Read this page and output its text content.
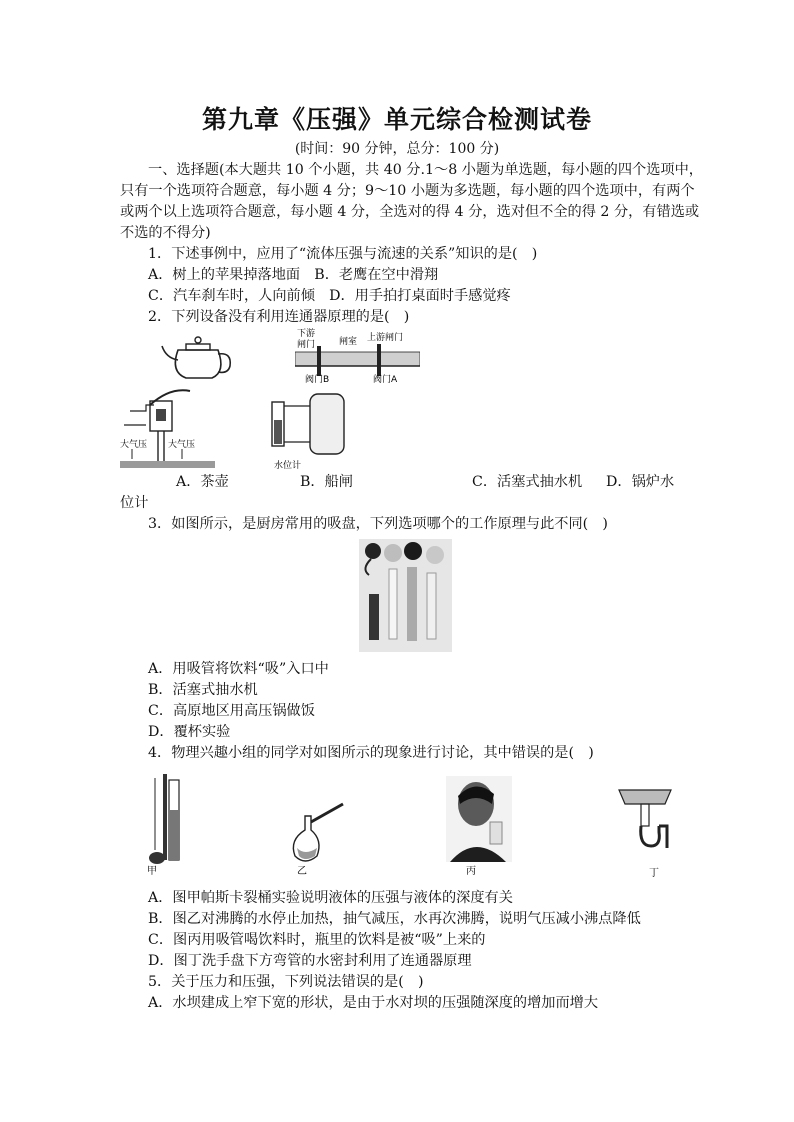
第九章《压强》单元综合检测试卷
(时间：90 分钟，总分：100 分)
一、选择题(本大题共 10 个小题，共 40 分.1～8 小题为单选题，每小题的四个选项中，
只有一个选项符合题意，每小题 4 分；9～10 小题为多选题，每小题的四个选项中，有两个
或两个以上选项符合题意，每小题 4 分，全选对的得 4 分，选对但不全的得 2 分，有错选或
不选的不得分)
1．下述事例中，应用了“流体压强与流速的关系”知识的是(　)
A．树上的苹果掉落地面　B．老鹰在空中滑翔
C．汽车刹车时，人向前倾　D．用手拍打桌面时手感觉疼
2．下列设备没有利用连通器原理的是(　)
下游
闸门	闸室 上游闸门
阀门B	阀门A
大气压 大气压
水位计
A．茶壶	B．船闸	C．活塞式抽水机 D．锅炉水
位计
3．如图所示，是厨房常用的吸盘，下列选项哪个的工作原理与此不同(　)
A．用吸管将饮料“吸”入口中
B．活塞式抽水机
C．高原地区用高压锅做饭
D．覆杯实验
4．物理兴趣小组的同学对如图所示的现象进行讨论，其中错误的是(　)
甲	乙	丙	丁
A．图甲帕斯卡裂桶实验说明液体的压强与液体的深度有关
B．图乙对沸腾的水停止加热，抽气减压，水再次沸腾，说明气压减小沸点降低
C．图丙用吸管喝饮料时，瓶里的饮料是被“吸”上来的
D．图丁洗手盘下方弯管的水密封利用了连通器原理
5．关于压力和压强，下列说法错误的是(　)
A．水坝建成上窄下宽的形状，是由于水对坝的压强随深度的增加而增大
